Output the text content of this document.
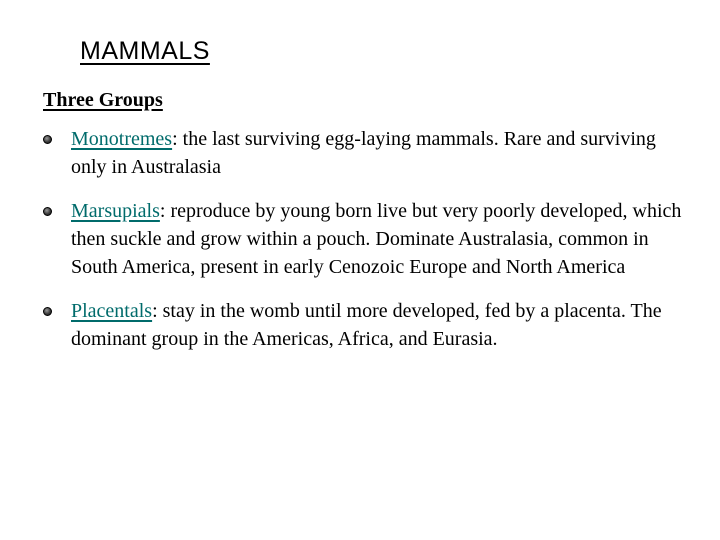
MAMMALS
Three Groups
Monotremes: the last surviving egg-laying mammals. Rare and surviving only in Australasia
Marsupials: reproduce by young born live but very poorly developed, which then suckle and grow within a pouch. Dominate Australasia, common in South America, present in early Cenozoic Europe and North America
Placentals: stay in the womb until more developed, fed by a placenta. The dominant group in the Americas, Africa, and Eurasia.
